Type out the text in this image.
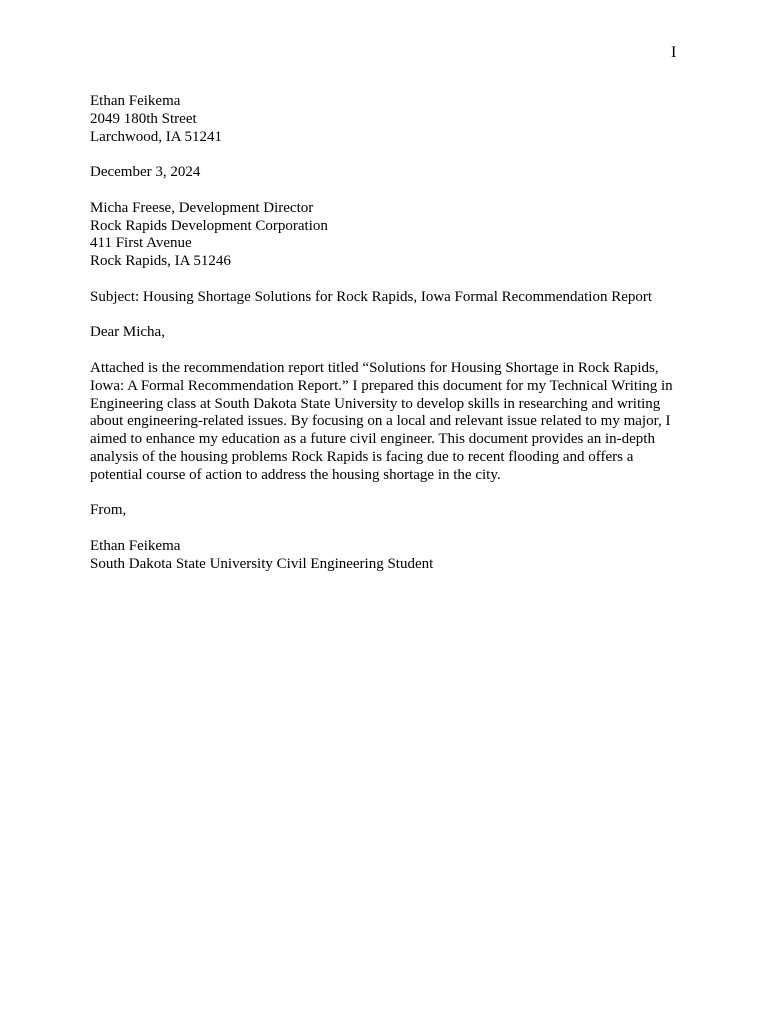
I
Ethan Feikema
2049 180th Street
Larchwood, IA 51241
December 3, 2024
Micha Freese, Development Director
Rock Rapids Development Corporation
411 First Avenue
Rock Rapids, IA 51246
Subject: Housing Shortage Solutions for Rock Rapids, Iowa Formal Recommendation Report
Dear Micha,
Attached is the recommendation report titled “Solutions for Housing Shortage in Rock Rapids,
Iowa: A Formal Recommendation Report.” I prepared this document for my Technical Writing in
Engineering class at South Dakota State University to develop skills in researching and writing
about engineering-related issues. By focusing on a local and relevant issue related to my major, I
aimed to enhance my education as a future civil engineer. This document provides an in-depth
analysis of the housing problems Rock Rapids is facing due to recent flooding and offers a
potential course of action to address the housing shortage in the city.
From,
Ethan Feikema
South Dakota State University Civil Engineering Student
